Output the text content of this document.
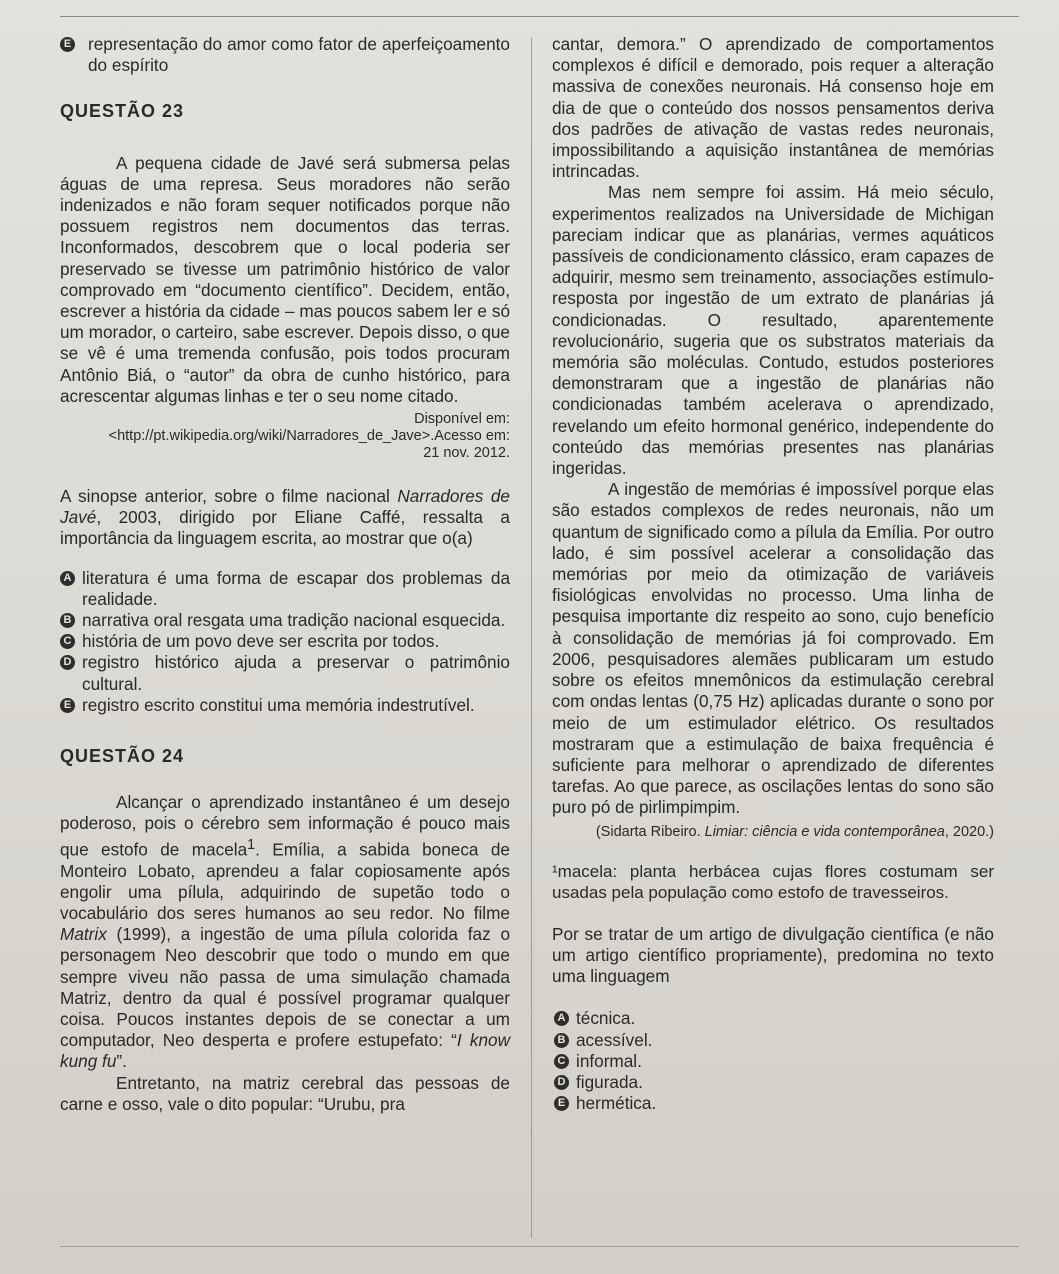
E representação do amor como fator de aperfeiçoamento do espírito
QUESTÃO 23

A pequena cidade de Javé será submersa pelas águas de uma represa. Seus moradores não serão indenizados e não foram sequer notificados porque não possuem registros nem documentos das terras. Inconformados, descobrem que o local poderia ser preservado se tivesse um patrimônio histórico de valor comprovado em “documento científico”. Decidem, então, escrever a história da cidade – mas poucos sabem ler e só um morador, o carteiro, sabe escrever. Depois disso, o que se vê é uma tremenda confusão, pois todos procuram Antônio Biá, o “autor” da obra de cunho histórico, para acrescentar algumas linhas e ter o seu nome citado.

Disponível em:
<http://pt.wikipedia.org/wiki/Narradores_de_Jave>.Acesso em:
21 nov. 2012.

A sinopse anterior, sobre o filme nacional Narradores de Javé, 2003, dirigido por Eliane Caffé, ressalta a importância da linguagem escrita, ao mostrar que o(a)

A literatura é uma forma de escapar dos problemas da realidade.
B narrativa oral resgata uma tradição nacional esquecida.
C história de um povo deve ser escrita por todos.
D registro histórico ajuda a preservar o patrimônio cultural.
E registro escrito constitui uma memória indestrutível.
QUESTÃO 24

Alcançar o aprendizado instantâneo é um desejo poderoso, pois o cérebro sem informação é pouco mais que estofo de macela$^1$. Emília, a sabida boneca de Monteiro Lobato, aprendeu a falar copiosamente após engolir uma pílula, adquirindo de supetão todo o vocabulário dos seres humanos ao seu redor. No filme Matrix (1999), a ingestão de uma pílula colorida faz o personagem Neo descobrir que todo o mundo em que sempre viveu não passa de uma simulação chamada Matriz, dentro da qual é possível programar qualquer coisa. Poucos instantes depois de se conectar a um computador, Neo desperta e profere estupefato: “I know kung fu”.

Entretanto, na matriz cerebral das pessoas de carne e osso, vale o dito popular: “Urubu, pra

cantar, demora.” O aprendizado de comportamentos complexos é difícil e demorado, pois requer a alteração massiva de conexões neuronais. Há consenso hoje em dia de que o conteúdo dos nossos pensamentos deriva dos padrões de ativação de vastas redes neuronais, impossibilitando a aquisição instantânea de memórias intrincadas.

Mas nem sempre foi assim. Há meio século, experimentos realizados na Universidade de Michigan pareciam indicar que as planárias, vermes aquáticos passíveis de condicionamento clássico, eram capazes de adquirir, mesmo sem treinamento, associações estímulo-resposta por ingestão de um extrato de planárias já condicionadas. O resultado, aparentemente revolucionário, sugeria que os substratos materiais da memória são moléculas. Contudo, estudos posteriores demonstraram que a ingestão de planárias não condicionadas também acelerava o aprendizado, revelando um efeito hormonal genérico, independente do conteúdo das memórias presentes nas planárias ingeridas.

A ingestão de memórias é impossível porque elas são estados complexos de redes neuronais, não um quantum de significado como a pílula da Emília. Por outro lado, é sim possível acelerar a consolidação das memórias por meio da otimização de variáveis fisiológicas envolvidas no processo. Uma linha de pesquisa importante diz respeito ao sono, cujo benefício à consolidação de memórias já foi comprovado. Em 2006, pesquisadores alemães publicaram um estudo sobre os efeitos mnemônicos da estimulação cerebral com ondas lentas (0,75 Hz) aplicadas durante o sono por meio de um estimulador elétrico. Os resultados mostraram que a estimulação de baixa frequência é suficiente para melhorar o aprendizado de diferentes tarefas. Ao que parece, as oscilações lentas do sono são puro pó de pirlimpimpim.

(Sidarta Ribeiro. Limiar: ciência e vida contemporânea, 2020.)

¹macela: planta herbácea cujas flores costumam ser usadas pela população como estofo de travesseiros.

Por se tratar de um artigo de divulgação científica (e não um artigo científico propriamente), predomina no texto uma linguagem

A técnica.
B acessível.
C informal.
D figurada.
E hermética.
